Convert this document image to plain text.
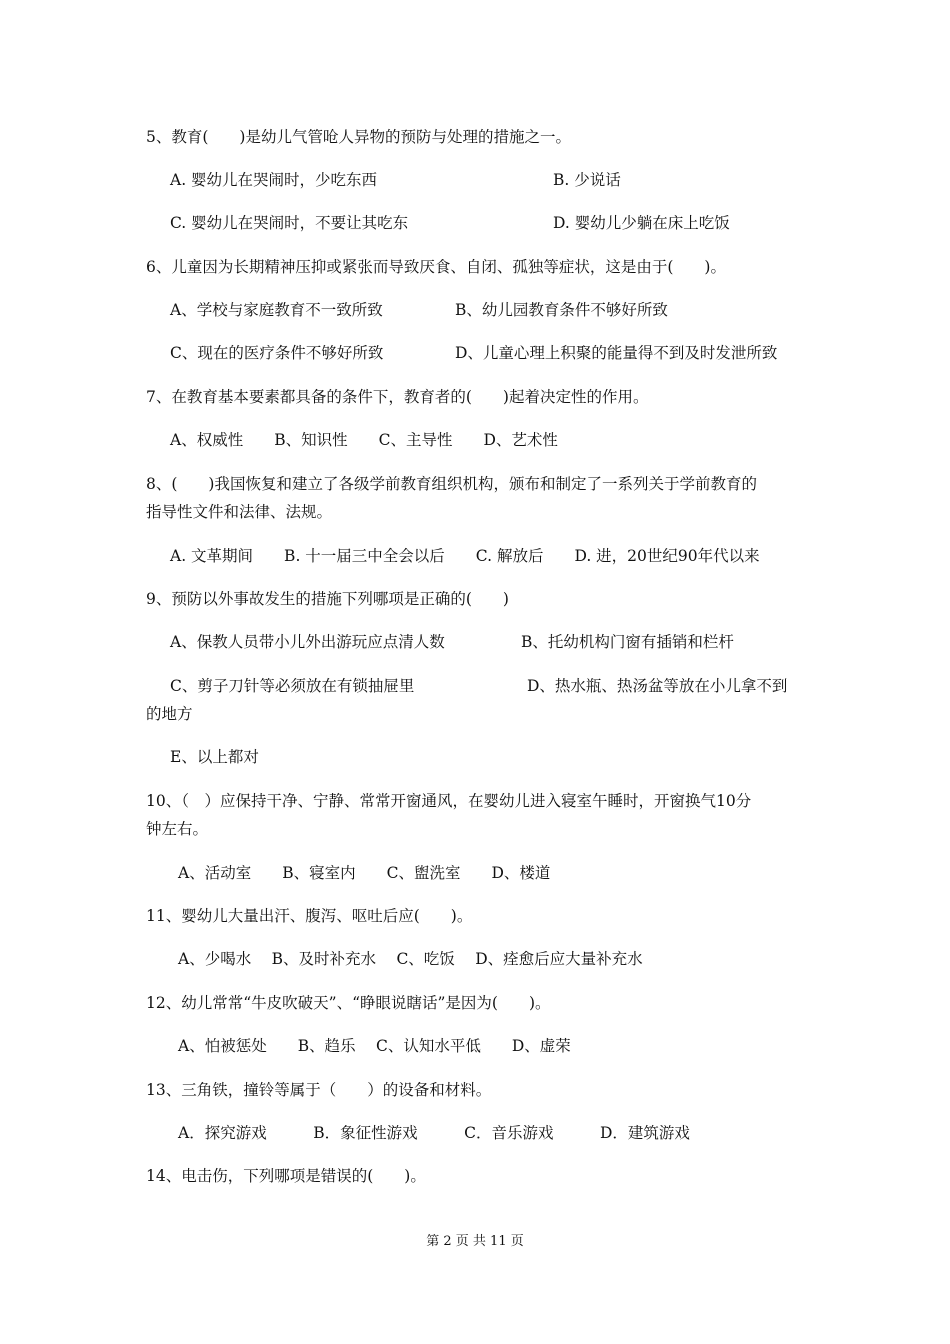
5、教育(　　)是幼儿气管呛人异物的预防与处理的措施之一。
A. 婴幼儿在哭闹时，少吃东西	B. 少说话
C. 婴幼儿在哭闹时，不要让其吃东	D. 婴幼儿少躺在床上吃饭
6、儿童因为长期精神压抑或紧张而导致厌食、自闭、孤独等症状，这是由于(　　)。
A、学校与家庭教育不一致所致	B、幼儿园教育条件不够好所致
C、现在的医疗条件不够好所致	D、儿童心理上积聚的能量得不到及时发泄所致
7、在教育基本要素都具备的条件下，教育者的(　　)起着决定性的作用。
A、权威性　　B、知识性　　C、主导性　　D、艺术性
8、(　　)我国恢复和建立了各级学前教育组织机构，颁布和制定了一系列关于学前教育的
指导性文件和法律、法规。
A. 文革期间　　B. 十一届三中全会以后　　C. 解放后　　D. 进，20世纪90年代以来
9、预防以外事故发生的措施下列哪项是正确的(　　)
A、保教人员带小儿外出游玩应点清人数	B、托幼机构门窗有插销和栏杆
C、剪子刀针等必须放在有锁抽屉里	D、热水瓶、热汤盆等放在小儿拿不到
的地方
E、以上都对
10、（　）应保持干净、宁静、常常开窗通风，在婴幼儿进入寝室午睡时，开窗换气10分
钟左右。
A、活动室　　B、寝室内　　C、盥洗室　　D、楼道
11、婴幼儿大量出汗、腹泻、呕吐后应(　　)。
A、少喝水　 B、及时补充水　 C、吃饭　 D、痊愈后应大量补充水
12、幼儿常常“牛皮吹破天”、“睁眼说瞎话”是因为(　　)。
A、怕被惩处　　B、趋乐　 C、认知水平低　　D、虚荣
13、三角铁，撞铃等属于（　　）的设备和材料。
A．探究游戏　　　B．象征性游戏　　　C．音乐游戏　　　D．建筑游戏
14、电击伤，下列哪项是错误的(　　)。
第 2 页 共 11 页
